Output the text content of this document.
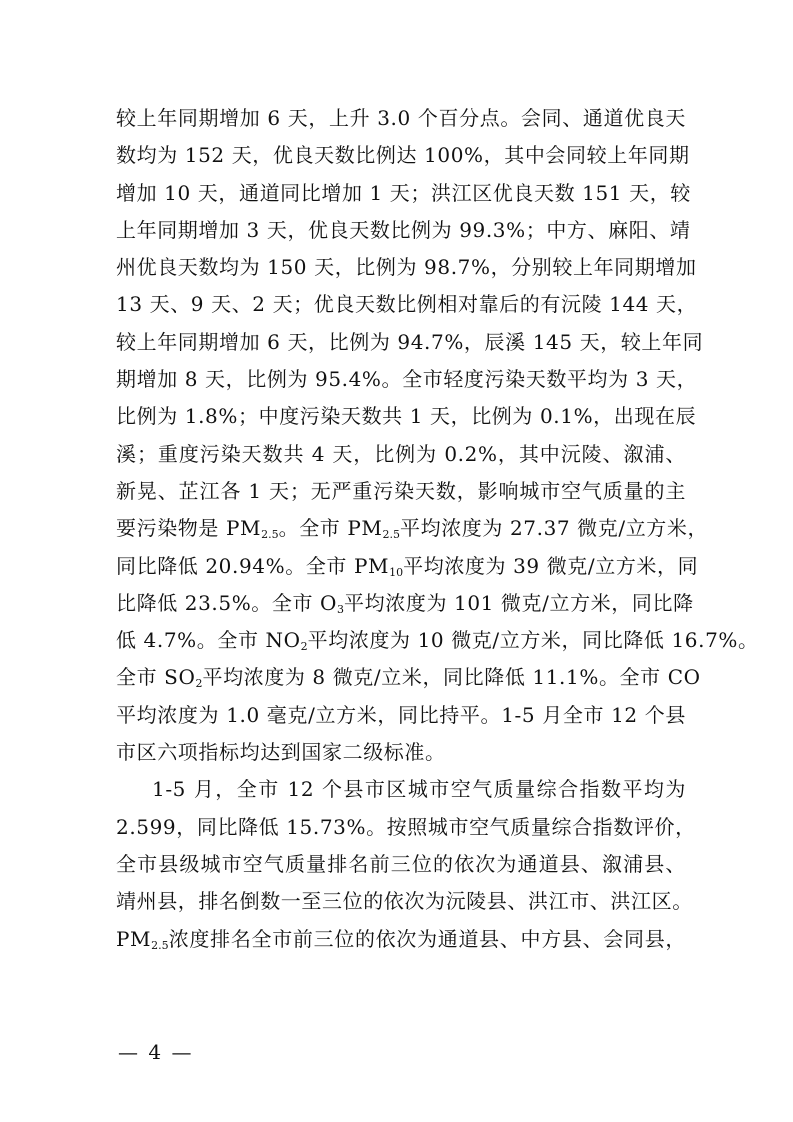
较上年同期增加 6 天，上升 3.0 个百分点。会同、通道优良天
数均为 152 天，优良天数比例达 100%，其中会同较上年同期
增加 10 天，通道同比增加 1 天；洪江区优良天数 151 天，较
上年同期增加 3 天，优良天数比例为 99.3%；中方、麻阳、靖
州优良天数均为 150 天，比例为 98.7%，分别较上年同期增加
13 天、9 天、2 天；优良天数比例相对靠后的有沅陵 144 天，
较上年同期增加 6 天，比例为 94.7%，辰溪 145 天，较上年同
期增加 8 天，比例为 95.4%。全市轻度污染天数平均为 3 天，
比例为 1.8%；中度污染天数共 1 天，比例为 0.1%，出现在辰
溪；重度污染天数共 4 天，比例为 0.2%，其中沅陵、溆浦、
新晃、芷江各 1 天；无严重污染天数，影响城市空气质量的主
要污染物是 $PM_{2.5}$。全市 $PM_{2.5}$平均浓度为 27.37 微克/立方米，
同比降低 20.94%。全市 $PM_{10}$平均浓度为 39 微克/立方米，同
比降低 23.5%。全市 $O_3$平均浓度为 101 微克/立方米，同比降
低 4.7%。全市 $NO_2$平均浓度为 10 微克/立方米，同比降低 16.7%。
全市 $SO_2$平均浓度为 8 微克/立米，同比降低 11.1%。全市 CO
平均浓度为 1.0 毫克/立方米，同比持平。1-5 月全市 12 个县
市区六项指标均达到国家二级标准。
1-5 月，全市 12 个县市区城市空气质量综合指数平均为
2.599，同比降低 15.73%。按照城市空气质量综合指数评价，
全市县级城市空气质量排名前三位的依次为通道县、溆浦县、
靖州县，排名倒数一至三位的依次为沅陵县、洪江市、洪江区。
$PM_{2.5}$浓度排名全市前三位的依次为通道县、中方县、会同县，
— 4 —
